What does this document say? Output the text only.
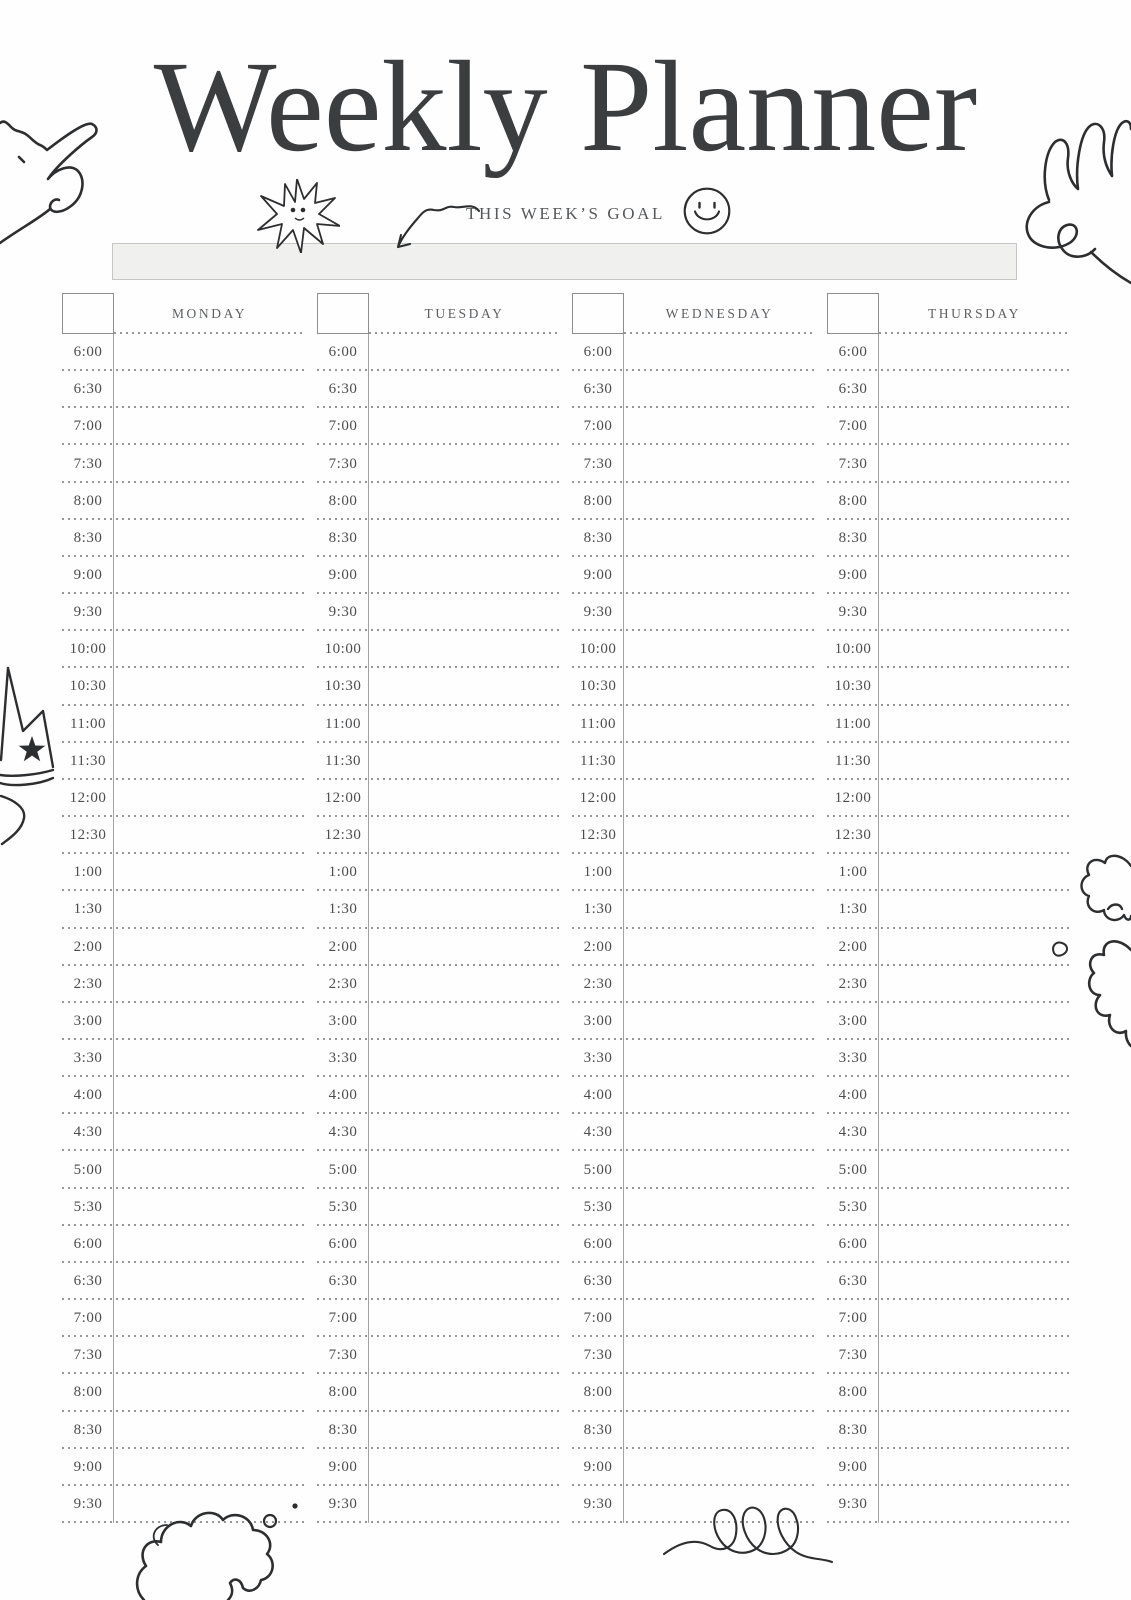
Weekly Planner
THIS WEEK’S GOAL
MONDAY
6:00
6:30
7:00
7:30
8:00
8:30
9:00
9:30
10:00
10:30
11:00
11:30
12:00
12:30
1:00
1:30
2:00
2:30
3:00
3:30
4:00
4:30
5:00
5:30
6:00
6:30
7:00
7:30
8:00
8:30
9:00
9:30
TUESDAY
6:00
6:30
7:00
7:30
8:00
8:30
9:00
9:30
10:00
10:30
11:00
11:30
12:00
12:30
1:00
1:30
2:00
2:30
3:00
3:30
4:00
4:30
5:00
5:30
6:00
6:30
7:00
7:30
8:00
8:30
9:00
9:30
WEDNESDAY
6:00
6:30
7:00
7:30
8:00
8:30
9:00
9:30
10:00
10:30
11:00
11:30
12:00
12:30
1:00
1:30
2:00
2:30
3:00
3:30
4:00
4:30
5:00
5:30
6:00
6:30
7:00
7:30
8:00
8:30
9:00
9:30
THURSDAY
6:00
6:30
7:00
7:30
8:00
8:30
9:00
9:30
10:00
10:30
11:00
11:30
12:00
12:30
1:00
1:30
2:00
2:30
3:00
3:30
4:00
4:30
5:00
5:30
6:00
6:30
7:00
7:30
8:00
8:30
9:00
9:30
